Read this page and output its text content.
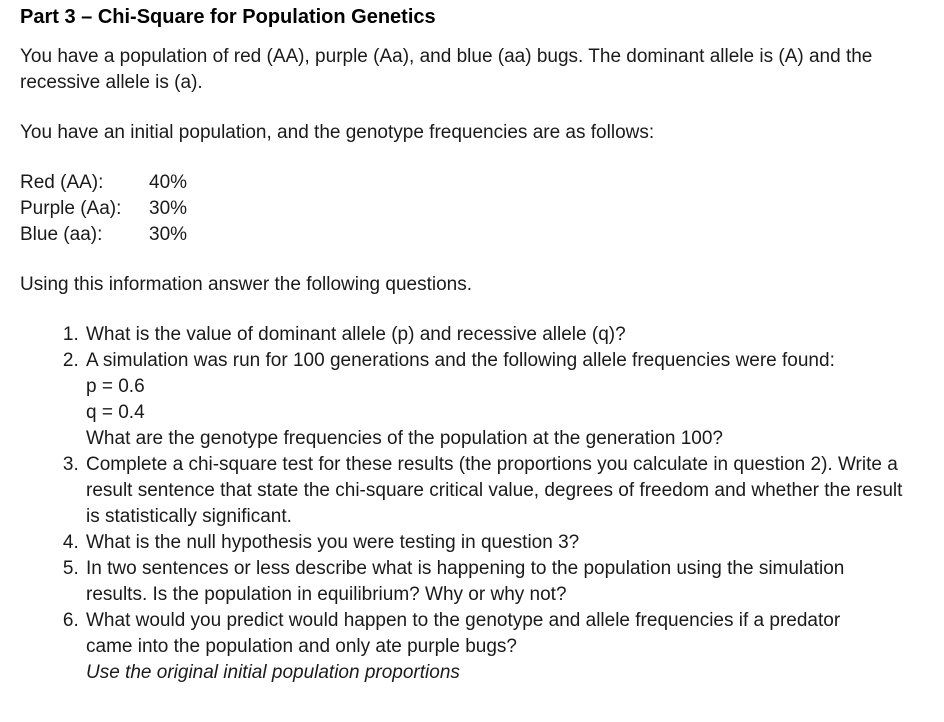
Part 3 – Chi-Square for Population Genetics

You have a population of red (AA), purple (Aa), and blue (aa) bugs. The dominant allele is (A) and the recessive allele is (a).

You have an initial population, and the genotype frequencies are as follows:

Red (AA):	40%
Purple (Aa):	30%
Blue (aa):	30%

Using this information answer the following questions.

1. What is the value of dominant allele (p) and recessive allele (q)?
2. A simulation was run for 100 generations and the following allele frequencies were found:
p = 0.6
q = 0.4
What are the genotype frequencies of the population at the generation 100?
3. Complete a chi-square test for these results (the proportions you calculate in question 2). Write a result sentence that state the chi-square critical value, degrees of freedom and whether the result is statistically significant.
4. What is the null hypothesis you were testing in question 3?
5. In two sentences or less describe what is happening to the population using the simulation results. Is the population in equilibrium? Why or why not?
6. What would you predict would happen to the genotype and allele frequencies if a predator came into the population and only ate purple bugs?
Use the original initial population proportions
